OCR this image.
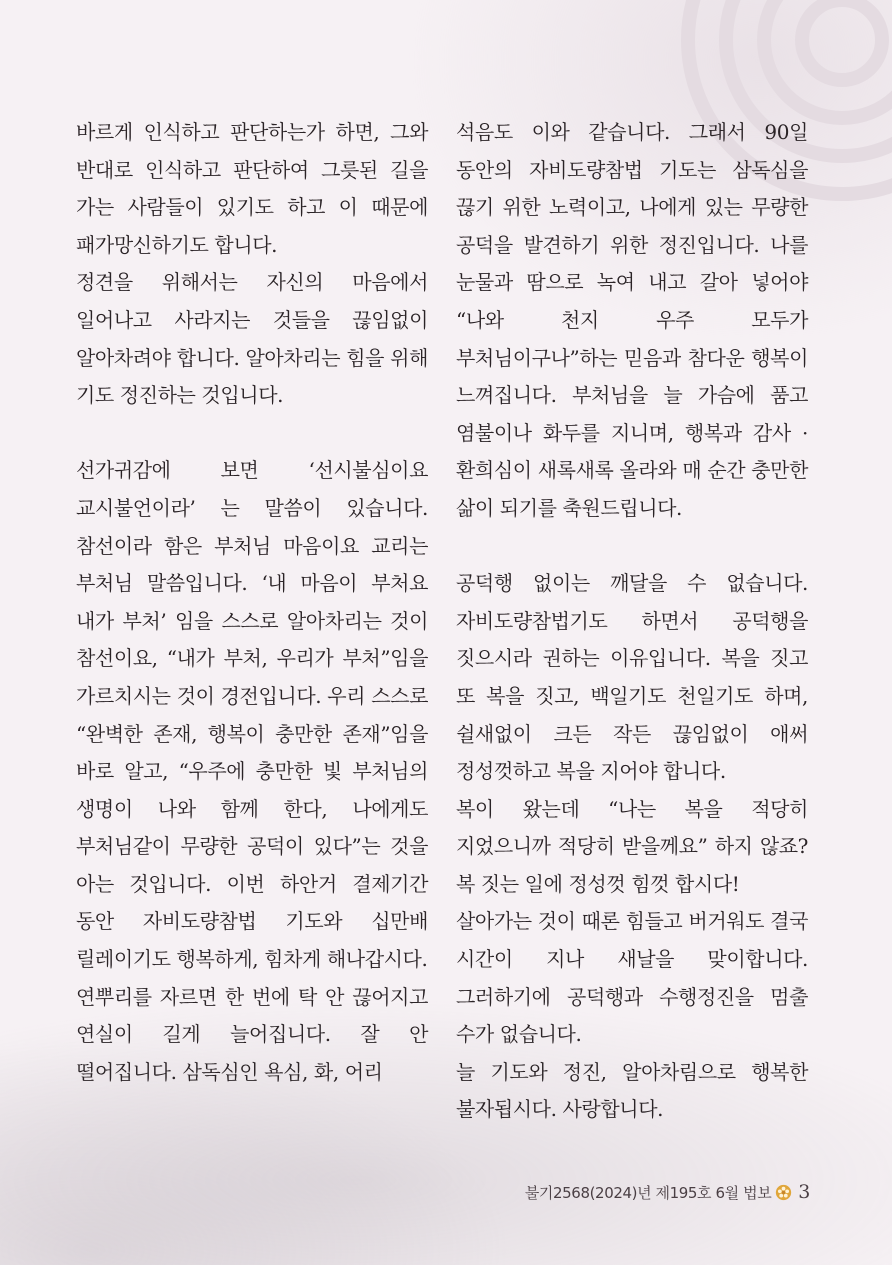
바르게 인식하고 판단하는가 하면, 그와 반대로 인식하고 판단하여 그릇된 길을 가는 사람들이 있기도 하고 이 때문에 패가망신하기도 합니다.

정견을 위해서는 자신의 마음에서 일어나고 사라지는 것들을 끊임없이 알아차려야 합니다. 알아차리는 힘을 위해 기도 정진하는 것입니다.

선가귀감에 보면 ‘선시불심이요 교시불언이라’ 는 말씀이 있습니다. 참선이라 함은 부처님 마음이요 교리는 부처님 말씀입니다. ‘내 마음이 부처요 내가 부처’ 임을 스스로 알아차리는 것이 참선이요, “내가 부처, 우리가 부처”임을 가르치시는 것이 경전입니다. 우리 스스로 “완벽한 존재, 행복이 충만한 존재”임을 바로 알고, “우주에 충만한 빛 부처님의 생명이 나와 함께 한다, 나에게도 부처님같이 무량한 공덕이 있다”는 것을 아는 것입니다. 이번 하안거 결제기간 동안 자비도량참법 기도와 십만배 릴레이기도 행복하게, 힘차게 해나갑시다.

연뿌리를 자르면 한 번에 탁 안 끊어지고 연실이 길게 늘어집니다. 잘 안 떨어집니다. 삼독심인 욕심, 화, 어리

석음도 이와 같습니다. 그래서 90일 동안의 자비도량참법 기도는 삼독심을 끊기 위한 노력이고, 나에게 있는 무량한 공덕을 발견하기 위한 정진입니다. 나를 눈물과 땀으로 녹여 내고 갈아 넣어야 “나와 천지 우주 모두가 부처님이구나”하는 믿음과 참다운 행복이 느껴집니다. 부처님을 늘 가슴에 품고 염불이나 화두를 지니며, 행복과 감사 · 환희심이 새록새록 올라와 매 순간 충만한 삶이 되기를 축원드립니다.

공덕행 없이는 깨달을 수 없습니다. 자비도량참법기도 하면서 공덕행을 짓으시라 권하는 이유입니다. 복을 짓고 또 복을 짓고, 백일기도 천일기도 하며, 쉴새없이 크든 작든 끊임없이 애써 정성껏하고 복을 지어야 합니다.

복이 왔는데 “나는 복을 적당히 지었으니까 적당히 받을께요” 하지 않죠? 복 짓는 일에 정성껏 힘껏 합시다!

살아가는 것이 때론 힘들고 버거워도 결국 시간이 지나 새날을 맞이합니다. 그러하기에 공덕행과 수행정진을 멈출 수가 없습니다.

늘 기도와 정진, 알아차림으로 행복한 불자됩시다. 사랑합니다.

불기2568(2024)년 제195호 6월 법보 3
